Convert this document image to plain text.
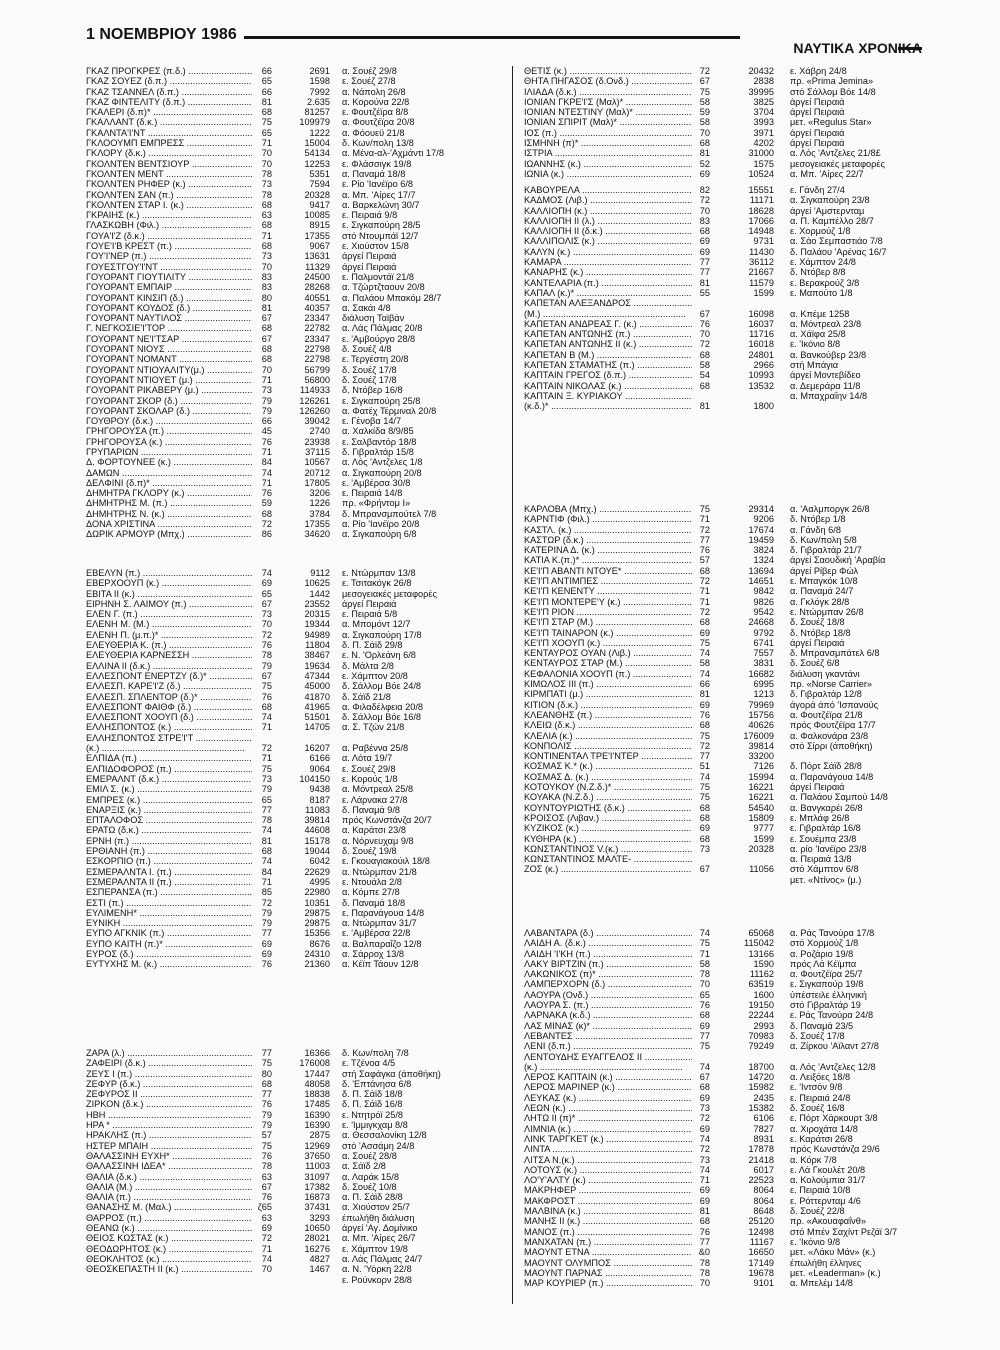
1 ΝΟΕΜΒΡΙΟΥ 1986
ΝΑΥΤΙΚΑ ΧΡΟΝΙΚΑ
ΓΚΑΖ ΠΡΟΓΚΡΕΣ (π.δ.) .....	66	2691 α. Σουέζ 29/8
ΓΚΑΖ ΣΟΥΕΖ (δ.π.) .....	65	1598 ε. Σουέζ 27/8
ΓΚΑΖ ΤΣΑΝΝΕΛ (δ.π.) .....	66	7992 α. Νάπολη 26/8
ΓΚΑΖ ΦΙΝΤΕΛΙΤΥ (δ.π.) .....	81	2.635 α. Κορούνα 22/8
ΓΚΑΛΕΡΙ (δ.π)* .....	68	81257 ε. Φουτζέϊρα 8/8
ΓΚΑΛΛΑΝΤ (δ.κ.) .....	75	109979 α. Φουτζέϊρα 20/8
ΓΚΑΛΝΤΑ'Ι'ΝΤ .....	65	1222 α. Φόουεϋ 21/8
ΓΚΛΟΟΥΜΠ ΕΜΠΡΕΣΣ .....	71	15004 δ. Κων/πολη 13/8
ΓΚΛΟΡΥ (δ.κ.) .....	70	54134 α. Μένα-αλ-'Αχμάντι 17/8
ΓΚΟΛΝΤΕΝ ΒΕΝΤΣΙΟΥΡ .....	70	12253 ε. Φλάσσιγκ 19/8
ΓΚΟΛΝΤΕΝ ΜΕΝΤ .....	78	5351 α. Παναμά 18/8
ΓΚΟΛΝΤΕΝ ΡΗΦΕΡ (κ.) .....	73	7594 ε. Ρίο 'Ιανέϊρο 6/8
ΓΚΟΛΝΤΕΝ ΣΑΝ (π.) .....	78	20328 α. Μπ. 'Αίρες 17/7
ΓΚΟΛΝΤΕΝ ΣΤΑΡ Ι. (κ.) .....	68	9417 α. Βαρκελώνη 30/7
ΓΚΡΑΙΗΣ (κ.) .....	63	10085 ε. Πειραιά 9/8
ΓΛΑΣΚΩΒΗ (Φιλ.) .....	68	8915 ε. Σιγκαπούρη 28/5
ΓΟΥΑ'Ι'Ζ (δ.κ.) .....	71	17355 στό Ντουμπάϊ 12/7
ΓΟΥΕ'Ι'Β ΚΡΕΣΤ (π.) .....	68	9067 ε. Χιούστον 15/8
ΓΟΥ'Ι'ΝΕΡ (π.) .....	73	13631 άργεί Πειραιά
ΓΟΥΕΣΤΓΟΥ'Ι'ΝΤ .....	70	11329 άργεί Πειραιά
ΓΟΥΟΡΑΝΤ ΓΙΟΥΤΙΛΙΤΥ .....	83	24500 ε. Παλμοντάϊ 21/8
ΓΟΥΟΡΑΝΤ ΕΜΠΑΙΡ .....	83	28268 α. Τζώρτζταουν 20/8
ΓΟΥΟΡΑΝΤ ΚΙΝΣΙΠ (δ.) .....	80	40551 α. Παλάου Μπακόμ 28/7
ΓΟΥΟΡΑΝΤ ΚΟΥΔΟΣ (δ.) .....	81	40357 α. Σακάι 4/8
ΓΟΥΟΡΑΝΤ ΝΑΥΤΙΛΟΣ .....	67	23347 διάλυση Ταϊβάν
Γ. ΝΕΓΚΟΣΙΕ'Ι'ΤΟΡ .....	68	22782 α. Λάς Πάλμας 20/8
ΓΟΥΟΡΑΝΤ ΝΕ'Ι'ΤΣΑΡ .....	67	23347 ε. 'Αμβούργο 28/8
ΓΟΥΟΡΑΝΤ ΝΙΟΥΣ .....	68	22798 δ. Σουέζ 4/8
ΓΟΥΟΡΑΝΤ ΝΟΜΑΝΤ .....	68	22798 ε. Τεργέστη 20/8
ΓΟΥΟΡΑΝΤ ΝΤΙΟΥΑΛΙΤΥ(μ.) .....	70	56799 δ. Σουέζ 17/8
ΓΟΥΟΡΑΝΤ ΝΤΙΟΥΕΤ (μ.) .....	71	56800 δ. Σουέζ 17/8
ΓΟΥΟΡΑΝΤ ΡΙΚΑΒΕΡΥ (μ.) .....	73	114933 δ. Ντόβερ 16/8
ΓΟΥΟΡΑΝΤ ΣΚΟΡ (δ.) .....	79	126261 ε. Σιγκαπούρη 25/8
ΓΟΥΟΡΑΝΤ ΣΚΟΛΑΡ (δ.) .....	79	126260 α. Φατέχ Τέρμιναλ 20/8
ΓΟΥΘΡΟΥ (δ.κ.) .....	66	39042 ε. Γένοβα 14/7
ΓΡΗΓΟΡΟΥΣΑ (π.) .....	45	2740 α. Χαλκίδα 8/9/85
ΓΡΗΓΟΡΟΥΣΑ (κ.) .....	76	23938 ε. Σαλβαντόρ 18/8
ΓΡΥΠΑΡΙΩΝ .....	71	37115 δ. Γιβραλτάρ 15/8
Δ. ΦΟΡΤΟΥΝΕΕ (κ.) .....	84	10567 α. Λός 'Αντζελες 1/8
ΔΑΜΩΝ .....	74	20712 α. Σιγκαπούρη 20/8
ΔΕΛΦΙΝΙ (δ.π)* .....	71	17805 ε. 'Αμβέρσα 30/8
ΔΗΜΗΤΡΑ ΓΚΛΟΡΥ (κ.) .....	76	3206 ε. Πειραιά 14/8
ΔΗΜΗΤΡΗΣ Μ. (π.) .....	59	1226 πρ. «Φρήντομ Ι»
ΔΗΜΗΤΡΗΣ Ν. (κ.) .....	68	3784 δ. Μπρανσμπούτελ 7/8
ΔΟΝΑ ΧΡΙΣΤΙΝΑ .....	72	17355 α. Ρίο 'Ιανέϊρο 20/8
ΔΩΡΙΚ ΑΡΜΟΥΡ (Μπχ.) .....	86	34620 α. Σιγκαπούρη 6/8
ΕΒΕΛΥΝ (π.) .....	74	9112 ε. Ντώρμπαν 13/8
ΕΒΕΡΧΟΟΥΠ (κ.) .....	69	10625 ε. Τσιτακόγκ 26/8
ΕΒΙΤΑ ΙΙ (κ.) .....	65	1442 μεσογειακές μεταφορές
ΕΙΡΗΝΗ Σ. ΛΑΙΜΟΥ (π.) .....	67	23552 άργεί Πειραιά
ΕΛΕΝ Γ. (π.) .....	73	20315 ε. Πειραιά 5/8
ΕΛΕΝΗ Μ. (Μ.) .....	70	19344 α. Μπομόντ 12/7
ΕΛΕΝΗ Π. (μ.π.)* .....	72	94989 α. Σιγκαπούρη 17/8
ΕΛΕΥΘΕΡΙΑ Κ. (π.) .....	76	11804 δ. Π. Σάϊδ 29/8
ΕΛΕΥΘΕΡΙΑ ΚΑΡΝΕΣΣΗ .....	78	38467 ε. Ν. 'Ορλεάνη 6/8
ΕΛΛΙΝΑ ΙΙ (δ.κ.) .....	79	19634 δ. Μάλτα 2/8
ΕΛΛΕΣΠΟΝΤ ΕΝΕΡΤΖΥ (δ.)* .....	67	47344 ε. Χάμπτον 20/8
ΕΛΛΕΣΠ. ΚΑΡΕ'Ι'Ζ (δ.) .....	75	45000 δ. Σάλλομ Βόε 24/8
ΕΛΛΕΣΠ. ΣΠΛΕΝΤΟΡ (δ.)* .....	76	41870 δ. Σάϊδ 21/8
ΕΛΛΕΣΠΟΝΤ ΦΑΙΘΦ (δ.) .....	68	41965 α. Φιλαδέλφεια 20/8
ΕΛΛΕΣΠΟΝΤ ΧΟΟΥΠ (δ.) .....	74	51501 δ. Σάλλομ Βόε 16/8
ΕΛΛΗΣΠΟΝΤΟΣ (κ.) .....	71	14705 α. Σ. Τζών 21/8
ΕΛΛΗΣΠΟΝΤΟΣ ΣΤΡΕ'Ι'Τ .....
(κ.) .....	72	16207 α. Ραβέννα 25/8
ΕΛΠΙΔΑ (π.) .....	71	6166 α. Λότα 19/7
ΕΛΠΙΔΟΦΟΡΟΣ (π.) .....	75	9064 ε. Σουέζ 29/8
ΕΜΕΡΑΛΝΤ (δ.κ.) .....	73	104150 ε. Κορούς 1/8
ΕΜΙΛ Σ. (κ.) .....	79	9438 α. Μόντρεαλ 25/8
ΕΜΠΡΕΣ (κ.) .....	65	8187 ε. Λάρνακα 27/8
ΕΝΑΡΞΙΣ (κ.) .....	77	11083 δ. Παναμά 9/8
ΕΠΤΑΛΟΦΟΣ .....	78	39814 πρός Κωνστάνζα 20/7
ΕΡΑΤΩ (δ.κ.) .....	74	44608 α. Καράτσι 23/8
ΕΡΝΗ (π.) .....	81	15178 α. Νόρνευχαμ 9/8
ΕΡΘΙΑΝΗ (π.) .....	68	19044 δ. Σουέζ 19/8
ΕΣΚΟΡΠΙΟ (π.) .....	74	6042 ε. Γκουαγιακούιλ 18/8
ΕΣΜΕΡΑΛΝΤΑ Ι. (π.) .....	84	22629 α. Ντώρμπαν 21/8
ΕΣΜΕΡΑΛΝΤΑ ΙΙ (π.) .....	71	4995 ε. Ντουάλα 2/8
ΕΣΠΕΡΑΝΣΑ (π.) .....	85	22980 α. Κόμπε 27/8
ΕΣΤΙ (π.) .....	72	10351 δ. Παναμά 18/8
ΕΥΛΙΜΕΝΗ* .....	79	29875 ε. Παρανάγουα 14/8
ΕΥΝΙΚΗ .....	79	29875 α. Ντώρμπαν 31/7
ΕΥΠΟ ΑΓΚΝΙΚ (π.) .....	77	15356 ε. 'Αμβέρσα 22/8
ΕΥΠΟ ΚΑΙΤΗ (π.)* .....	69	8676 α. Βαλπαραΐζο 12/8
ΕΥΡΟΣ (δ.) .....	69	24310 α. Σάρροχ 13/8
ΕΥΤΥΧΗΣ Μ. (κ.) .....	76	21360 α. Κέϊπ Τάουν 12/8
ΖΑΡΑ (λ.) .....	77	16366 δ. Κων/πολη 7/8
ΖΑΦΕΙΡΙ (δ.κ.) .....	75	176008 ε. Τζένοα 4/5
ΖΕΥΣ Ι (π.) .....	80	17447 στή Σαφάγκα (άποθήκη)
ΖΕΦΥΡ (δ.κ.) .....	68	48058 δ. 'Επτάνησα 6/8
ΖΕΦΥΡΟΣ ΙΙ .....	77	18838 δ. Π. Σάϊδ 18/8
ΖΙΡΚΟΝ (δ.κ.) .....	76	17485 δ. Π. Σάϊδ 16/8
ΗΒΗ .....	79	16390 ε. Ντητρόϊ 25/8
ΗΡΑ * .....	79	16390 ε. 'Ιμμιγκχαμ 8/8
ΗΡΑΚΛΗΣ (π.) .....	57	2875 α. Θεσσαλονίκη 12/8
ΗΣΤΕΡ ΜΠΑΙΗ .....	75	12969 στό 'Ασσάμη 24/8
ΘΑΛΑΣΣΙΝΗ ΕΥΧΗ* .....	76	37650 α. Σουέζ 28/8
ΘΑΛΑΣΣΙΝΗ ΙΔΕΑ* .....	78	11003 α. Σάϊδ 2/8
ΘΑΛΙΑ (δ.κ.) .....	63	31097 α. Λαράκ 15/8
ΘΑΛΙΑ (Μ.) .....	67	17382 δ. Σουέζ 10/8
ΘΑΛΙΑ (π.) .....	76	16873 α. Π. Σάϊδ 28/8
ΘΑΝΑΣΗΣ Μ. (Μαλ.) .....	ζ65	37431 α. Χιούστον 25/7
ΘΑΡΡΟΣ (π.) .....	63	3293 έπωλήθη διάλυση
ΘΕΑΝΩ (κ.) .....	69	10650 άργεί 'Αγ. Δομίνικο
ΘΕΙΟΣ ΚΩΣΤΑΣ (κ.) .....	72	28021 α. Μπ. 'Αίρες 26/7
ΘΕΟΔΩΡΗΤΟΣ (κ.) .....	71	16276 ε. Χάμπτον 19/8
ΘΕΟΚΛΗΤΟΣ (κ.) .....	74	4827 α. Λάς Πάλμας 24/7
ΘΕΟΣΚΕΠΑΣΤΗ ΙΙ (κ.) .....	70	1467 α. Ν. 'Υόρκη 22/8
ε. Ρούνκορν 28/8
ΘΕΤΙΣ (κ.) .....	72	20432 ε. Χάβρη 24/8
ΘΗΤΑ ΠΗΓΑΣΟΣ (δ.Ονδ.) .....	67	2838 πρ. «Prima Jemina»
ΙΛΙΑΔΑ (δ.κ.) .....	75	39995 στό Σάλλομ Βόε 14/8
ΙΟΝΙΑΝ ΓΚΡΕ'Ι'Σ (Μαλ)* .....	58	3825 άργεί Πειραιά
ΙΟΝΙΑΝ ΝΤΕΣΤΙΝΥ (Μαλ)* .....	59	3704 άργεί Πειραιά
ΙΟΝΙΑΝ ΣΠΙΡΙΤ (Μαλ)* .....	58	3993 μετ. «Regulus Star»
ΙΟΣ (π.) .....	70	3971 άργεί Πειραιά
ΙΣΜΗΝΗ (π)* .....	68	4202 άργεί Πειραιά
ΙΣΤΡΙΑ .....	81	31000 α. Λός 'Αντζελες 21/8£
ΙΩΑΝΝΗΣ (κ.) .....	52	1575 μεσογειακές μεταφορές
ΙΩΝΙΑ (κ.) .....	69	10524 α. Μπ. 'Αίρες 22/7
ΚΑΒΟΥΡΕΛΑ .....	82	15551 ε. Γάνδη 27/4
ΚΑΔΜΟΣ (Λιβ.) .....	72	11171 α. Σιγκαπούρη 23/8
ΚΑΛΛΙΟΠΗ (κ.) .....	70	18628 άργεί 'Αμστερνταμ
ΚΑΛΛΙΟΠΗ ΙΙ (λ.) .....	83	17066 α. Π. Καμπέλλο 28/7
ΚΑΛΛΙΟΠΗ ΙΙ (δ.κ.) .....	68	14948 ε. Χορμούζ 1/8
ΚΑΛΛΙΠΟΛΙΣ (κ.) .....	69	9731 α. Σάο Σεμπαστιάο 7/8
ΚΑΛΥΝ (κ.) .....	69	11430 δ. Παλάου 'Αρένας 16/7
ΚΑΜΑΡΑ .....	77	36112 ε. Χάμπτον 24/8
ΚΑΝΑΡΗΣ (κ.) .....	77	21667 δ. Ντόβερ 8/8
ΚΑΝΤΕΛΑΡΙΑ (π.) .....	81	11579 ε. Βερακρούζ 3/8
ΚΑΠΑΛ (κ.)* .....	55	1599 ε. Μαπούτο 1/8
ΚΑΠΕΤΑΝ ΑΛΕΞΑΝΔΡΟΣ .....
(Μ.) .....	67	16098 α. Κπέμε 1258
ΚΑΠΕΤΑΝ ΑΝΔΡΕΑΣ Γ. (κ.) .....	76	16037 α. Μόντρεαλ 23/8
ΚΑΠΕΤΑΝ ΑΝΤΩΝΗΣ (π.) .....	70	11716 α. Χάϊφα 25/8
ΚΑΠΕΤΑΝ ΑΝΤΩΝΗΣ ΙΙ (κ.) .....	72	16018 ε. 'Ικόνιο 8/8
ΚΑΠΕΤΑΝ Β (Μ.) .....	68	24801 α. Βανκούβερ 23/8
ΚΑΠΕΤΑΝ ΣΤΑΜΑΤΗΣ (π.) .....	58	2966 στή Μπάγια
ΚΑΠΤΑΙΝ ΓΡΕΓΟΣ (δ.π.) .....	54	10993 άργεί Μοντεβίδεο
ΚΑΠΤΑΙΝ ΝΙΚΟΛΑΣ (κ.) .....	68	13532 α. Δεμεράρα 11/8
ΚΑΠΤΑΙΝ Ξ. ΚΥΡΙΑΚΟΥ .....	α. Μπαχραΐην 14/8
(κ.δ.)* .....	81	1800
ΚΑΡΛΟΒΑ (Μπχ.) .....	75	29314 α. 'Ααλμποργκ 26/8
ΚΑΡΝΤΙΦ (Φιλ.) .....	71	9206 δ. Ντόβερ 1/8
ΚΑΣΤΛ. (κ.) .....	72	17674 α. Γάνδη 6/8
ΚΑΣΤΩΡ (δ.κ.) .....	77	19459 δ. Κων/πολη 5/8
ΚΑΤΕΡΙΝΑ Δ. (κ.) .....	76	3824 δ. Γιβραλτάρ 21/7
ΚΑΤΙΑ Κ.(π.)* .....	57	1324 άργεί Σαουδική 'Αραβία
ΚΕ'Ι'Π ΑΒΑΝΤΙ ΝΤΟΥΕ* .....	68	13694 άργεί Ρίβερ Φώλ
ΚΕ'Ι'Π ΑΝΤΙΜΠΕΣ .....	72	14651 ε. Μπαγκόκ 10/8
ΚΕ'Ι'Π ΚΕΝΕΝΤΥ .....	71	9842 α. Παναμά 24/7
ΚΕ'Ι'Π ΜΟΝΤΕΡΕ'Υ (κ.) .....	71	9826 α. Γκλόγκ 28/8
ΚΕ'Ι'Π ΡΙΟΝ .....	72	9542 ε. Ντώρμπαν 26/8
ΚΕ'Ι'Π ΣΤΑΡ (Μ.) .....	68	24668 δ. Σουέζ 18/8
ΚΕ'Ι'Π ΤΑΙΝΑΡΟΝ (κ.) .....	69	9792 δ. Ντόβερ 18/8
ΚΕ'Ι'Π ΧΟΟΥΠ (κ.) .....	75	6741 άργεί Πειραιά
ΚΕΝΤΑΥΡΟΣ ΟΥΑΝ (Λιβ.) .....	74	7557 δ. Μπρανσμπάτελ 6/8
ΚΕΝΤΑΥΡΟΣ ΣΤΑΡ (Μ.) .....	58	3831 δ. Σουέζ 6/8
ΚΕΦΑΛΟΝΙΑ ΧΟΟΥΠ (π.) .....	74	16682 διάλυση γκαντάνι
ΚΙΜΩΛΟΣ ΙΙΙ (π.) .....	66	6995 πρ. «Norse Carrier»
ΚΙΡΜΠΑΤΙ (μ.) .....	81	1213 δ. Γιβραλτάρ 12/8
ΚΙΤΙΟΝ (δ.κ.) .....	69	79969 άγορά άπό 'Ισπανούς
ΚΛΕΑΝΘΗΣ (π.) .....	76	15756 α. Φουτζέϊρα 21/8
ΚΛΕΙΩ (δ.κ.) .....	68	40626 πρός Φουτζέϊρα 17/7
ΚΛΕΛΙΑ (κ.) .....	75	176009 α. Φαλκονάρα 23/8
ΚΟΝΠΟΛΙΣ .....	72	39814 στό Σίρρι (άποθήκη)
ΚΟΝΤΙΝΕΝΤΑΛ ΤΡΕ'Ι'ΝΤΕΡ .....	77	33200
ΚΟΣΜΑΣ Κ.* (κ.) .....	51	7126 δ. Πόρτ Σάϊδ 28/8
ΚΟΣΜΑΣ Δ. (κ.) .....	74	15994 α. Παρανάγουα 14/8
ΚΟΤΟΥΚΟΥ (Ν.Ζ.δ.)* .....	75	16221 άργεί Πειραιά
ΚΟΥΑΚΑ (Ν.Ζ.δ.) .....	75	16221 α. Παλάου Σαμπού 14/8
ΚΟΥΝΤΟΥΡΙΩΤΗΣ (δ.κ.) .....	68	54540 α. Βανγκαρέι 26/8
ΚΡΟΙΣΟΣ (Λιβαν.) .....	68	15809 ε. Μπλάφ 26/8
ΚΥΖΙΚΟΣ (κ.) .....	69	9777 ε. Γιβραλτάρ 16/8
ΚΥΘΗΡΑ (κ.) .....	68	1599 ε. Σουέμπα 23/8
ΚΩΝΣΤΑΝΤΙΝΟΣ V.(κ.) .....	73	20328 α. ρίο 'Ιανέϊρο 23/8
ΚΩΝΣΤΑΝΤΙΝΟΣ ΜΑΛΤΕ- .....	α. Πειραιά 13/8
ΖΟΣ (κ.) .....	67	11056 στό Χάμπτον 6/8
μετ. «Ντίνος» (μ.)
ΛΑΒΑΝΤΑΡΑ (δ.) .....	74	65068 α. Ράς Τανούρα 17/8
ΛΑΙΔΗ Α. (δ.κ.) .....	75	115042 στό Χορμούζ 1/8
ΛΑΙΔΗ 'Ι'ΚΗ (π.) .....	71	13166 α. Ροζάριο 19/8
ΛΑΚΥ ΒΙΡΤΖΙΝ (π.) .....	58	1590 πρός Λά Κέϊμπα
ΛΑΚΩΝΙΚΟΣ (π)* .....	78	11162 α. Φουτζέϊρα 25/7
ΛΑΜΠΕΡΧΟΡΝ (δ.) .....	70	63519 ε. Σιγκαπούρ 19/8
ΛΑΟΥΡΑ (Ονδ.) .....	65	1600 ύπέστειλε έλληνική
ΛΑΟΥΡΑ Σ. (π.) .....	76	19150 στό Γιβραλτάρ 19
ΛΑΡΝΑΚΑ (κ.δ.) .....	68	22244 ε. Ράς Τανούρα 24/8
ΛΑΣ ΜΙΝΑΣ (κ)* .....	69	2993 δ. Παναμά 23/5
ΛΕΒΑΝΤΕΣ .....	77	70983 δ. Σουέζ 17/8
ΛΕΝΙ (δ.π.) .....	75	79249 α. Ζίρκου 'Αϊλαντ 27/8
ΛΕΝΤΟΥΔΗΣ ΕΥΑΓΓΕΛΟΣ ΙΙ .....
(κ.) .....	74	18700 α. Λός 'Αντζελες 12/8
ΛΕΡΟΣ ΚΑΠΤΑΙΝ (κ.) .....	67	14720 α. Λειξόες 18/8
ΛΕΡΟΣ ΜΑΡΙΝΕΡ (κ.) .....	68	15982 ε. 'Ιντσόν 9/8
ΛΕΥΚΑΣ (κ.) .....	69	2435 ε. Πειραιά 24/8
ΛΕΩΝ (κ.) .....	73	15382 δ. Σουέζ 16/8
ΛΗΤΩ ΙΙ (π)* .....	72	6106 ε. Πόρτ Χάρκουρτ 3/8
ΛΙΜΝΙΑ (κ.) .....	69	7827 α. Χιροχάτα 14/8
ΛΙΝΚ ΤΑΡΓΚΕΤ (κ.) .....	74	8931 ε. Καράτσι 26/8
ΛΙΝΤΑ .....	72	17878 πρός Κωνστάνζα 29/6
ΛΙΤΣΑ Ν.(κ.) .....	73	21418 α. Κόρκ 7/8
ΛΟΤΟΥΣ (κ.) .....	74	6017 ε. Λά Γκουλέτ 20/8
ΛΟ'Υ'ΑΛΤΥ (κ.) .....	71	22523 α. Κολούμπια 31/7
ΜΑΚΡΗΦΕΡ .....	69	8064 ε. Πειραιά 10/8
ΜΑΚΦΡΟΣΤ .....	69	8064 ε. Ρόττερνταμ 4/6
ΜΑΛΒΙΝΑ (κ.) .....	81	8648 δ. Σουέζ 22/8
ΜΑΝΗΣ ΙΙ (κ.) .....	68	25120 πρ. «Ακουαφαΐνθ»
ΜΑΝΟΣ (π.) .....	76	12498 στό Μπέν Σαχίντ Ρεζάϊ 3/7
ΜΑΝΧΑΤΑΝ (π.) .....	77	11167 ε. 'Ικόνιο 9/8
ΜΑΟΥΝΤ ΕΤΝΑ .....	&0	16650 μετ. «Λάκυ Μάν» (κ.)
ΜΑΟΥΝΤ ΟΛΥΜΠΟΣ .....	78	17149 έπωλήθη έλληνες
ΜΑΟΥΝΤ ΠΑΡΝΑΣ .....	78	19678 μετ. «Leaderman» (κ.)
ΜΑΡ ΚΟΥΡΙΕΡ (π.) .....	70	9101 α. Μπελέμ 14/8
